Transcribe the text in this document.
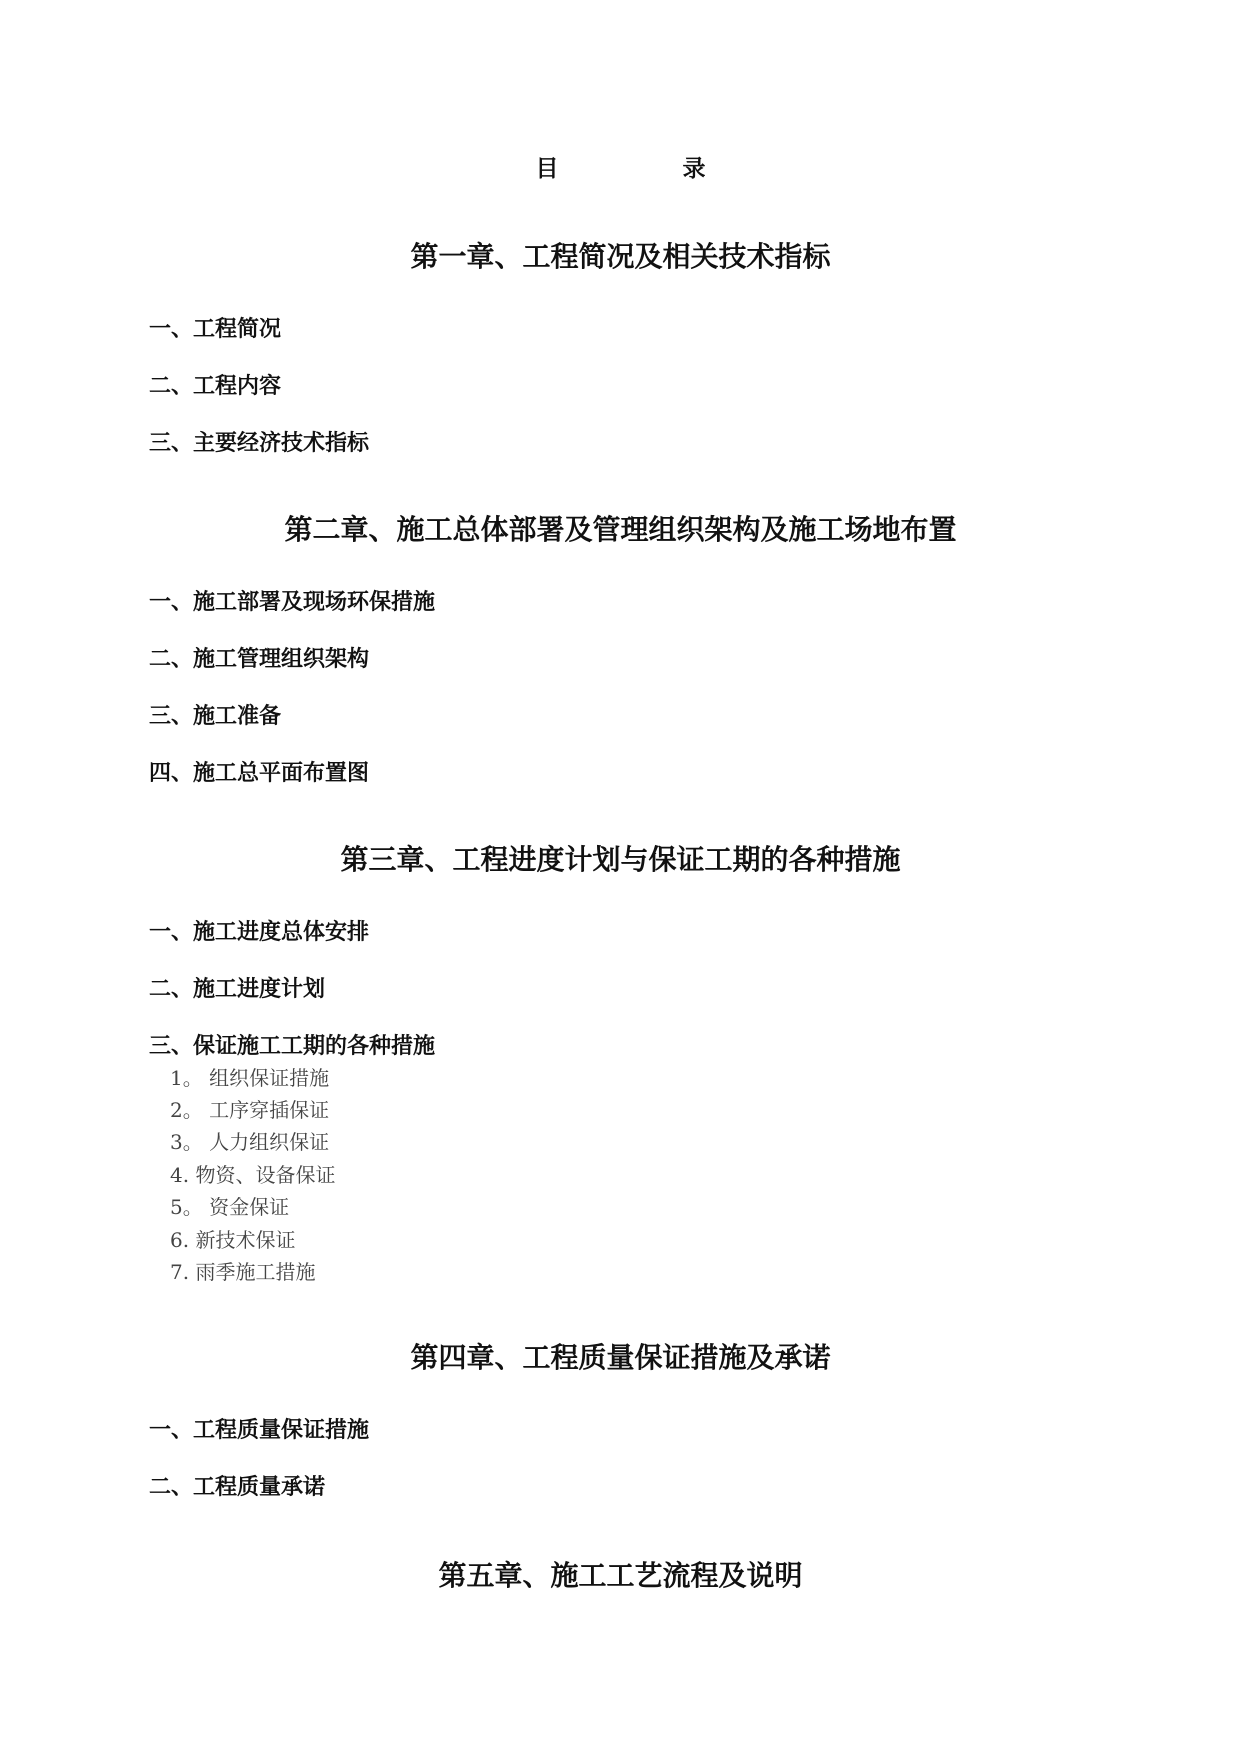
目 录
第一章、工程简况及相关技术指标
一、工程简况
二、工程内容
三、主要经济技术指标
第二章、施工总体部署及管理组织架构及施工场地布置
一、施工部署及现场环保措施
二、施工管理组织架构
三、施工准备
四、施工总平面布置图
第三章、工程进度计划与保证工期的各种措施
一、施工进度总体安排
二、施工进度计划
三、保证施工工期的各种措施
1。 组织保证措施
2。 工序穿插保证
3。 人力组织保证
4. 物资、设备保证
5。 资金保证
6. 新技术保证
7. 雨季施工措施
第四章、工程质量保证措施及承诺
一、工程质量保证措施
二、工程质量承诺
第五章、施工工艺流程及说明
